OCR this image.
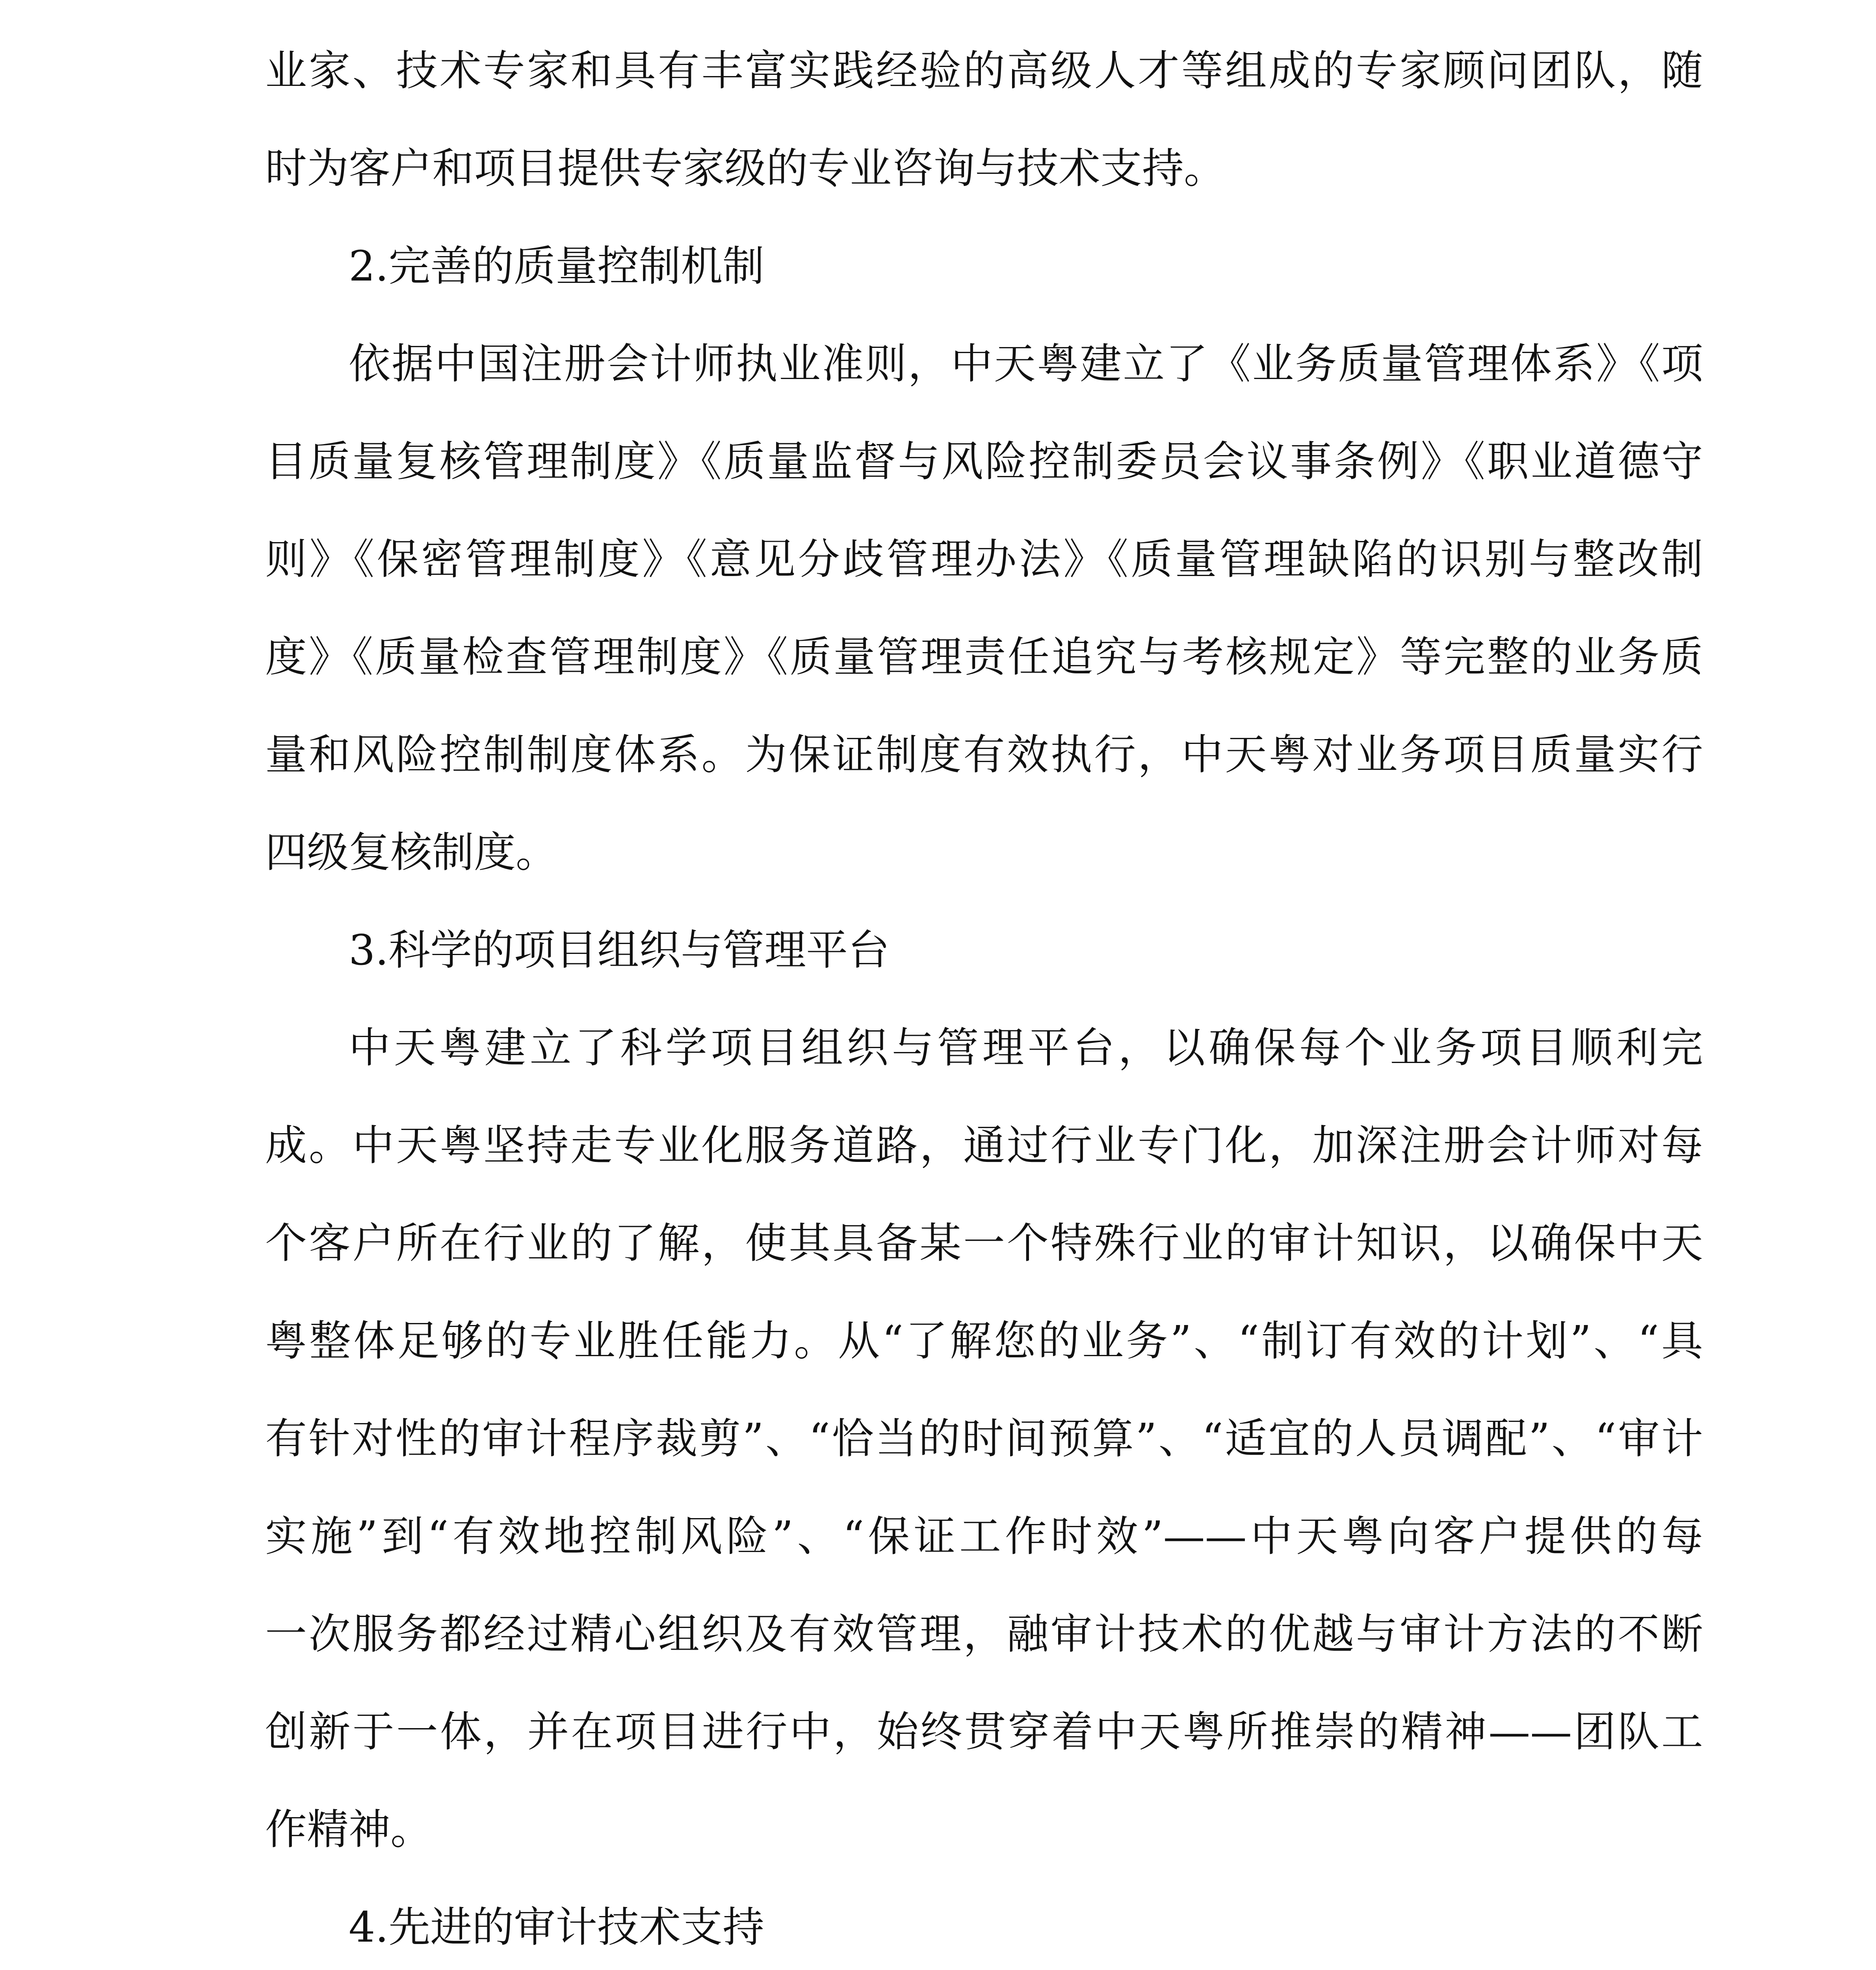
业家、技术专家和具有丰富实践经验的高级人才等组成的专家顾问团队，随
时为客户和项目提供专家级的专业咨询与技术支持。
2.完善的质量控制机制
依据中国注册会计师执业准则，中天粤建立了《业务质量管理体系》《项
目质量复核管理制度》《质量监督与风险控制委员会议事条例》《职业道德守
则》《保密管理制度》《意见分歧管理办法》《质量管理缺陷的识别与整改制
度》《质量检查管理制度》《质量管理责任追究与考核规定》等完整的业务质
量和风险控制制度体系。为保证制度有效执行，中天粤对业务项目质量实行
四级复核制度。
3.科学的项目组织与管理平台
中天粤建立了科学项目组织与管理平台，以确保每个业务项目顺利完
成。中天粤坚持走专业化服务道路，通过行业专门化，加深注册会计师对每
个客户所在行业的了解，使其具备某一个特殊行业的审计知识，以确保中天
粤整体足够的专业胜任能力。从“了解您的业务”、“制订有效的计划”、“具
有针对性的审计程序裁剪”、“恰当的时间预算”、“适宜的人员调配”、“审计
实施”到“有效地控制风险”、“保证工作时效”——中天粤向客户提供的每
一次服务都经过精心组织及有效管理，融审计技术的优越与审计方法的不断
创新于一体，并在项目进行中，始终贯穿着中天粤所推崇的精神——团队工
作精神。
4.先进的审计技术支持
